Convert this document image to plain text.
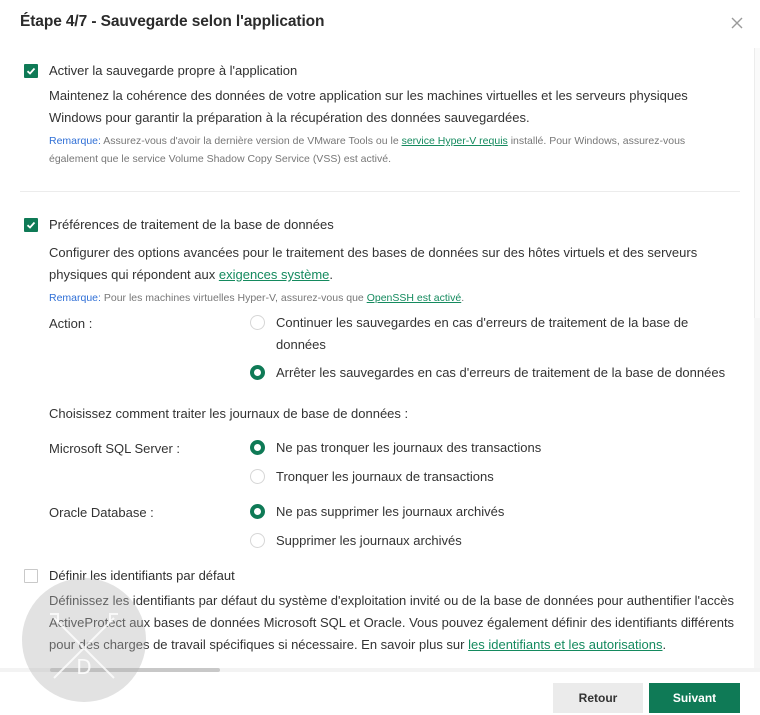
Étape 4/7 - Sauvegarde selon l'application
Activer la sauvegarde propre à l'application
Maintenez la cohérence des données de votre application sur les machines virtuelles et les serveurs physiques Windows pour garantir la préparation à la récupération des données sauvegardées.
Remarque: Assurez-vous d'avoir la dernière version de VMware Tools ou le service Hyper-V requis installé. Pour Windows, assurez-vous également que le service Volume Shadow Copy Service (VSS) est activé.
Préférences de traitement de la base de données
Configurer des options avancées pour le traitement des bases de données sur des hôtes virtuels et des serveurs physiques qui répondent aux exigences système.
Remarque: Pour les machines virtuelles Hyper-V, assurez-vous que OpenSSH est activé.
Action :	Continuer les sauvegardes en cas d'erreurs de traitement de la base de données
Arrêter les sauvegardes en cas d'erreurs de traitement de la base de données
Choisissez comment traiter les journaux de base de données :
Microsoft SQL Server :	Ne pas tronquer les journaux des transactions
Tronquer les journaux de transactions
Oracle Database :	Ne pas supprimer les journaux archivés
Supprimer les journaux archivés
Définir les identifiants par défaut
Définissez les identifiants par défaut du système d'exploitation invité ou de la base de données pour authentifier l'accès ActiveProtect aux bases de données Microsoft SQL et Oracle. Vous pouvez également définir des identifiants différents pour des charges de travail spécifiques si nécessaire. En savoir plus sur les identifiants et les autorisations.
Retour	Suivant
D
